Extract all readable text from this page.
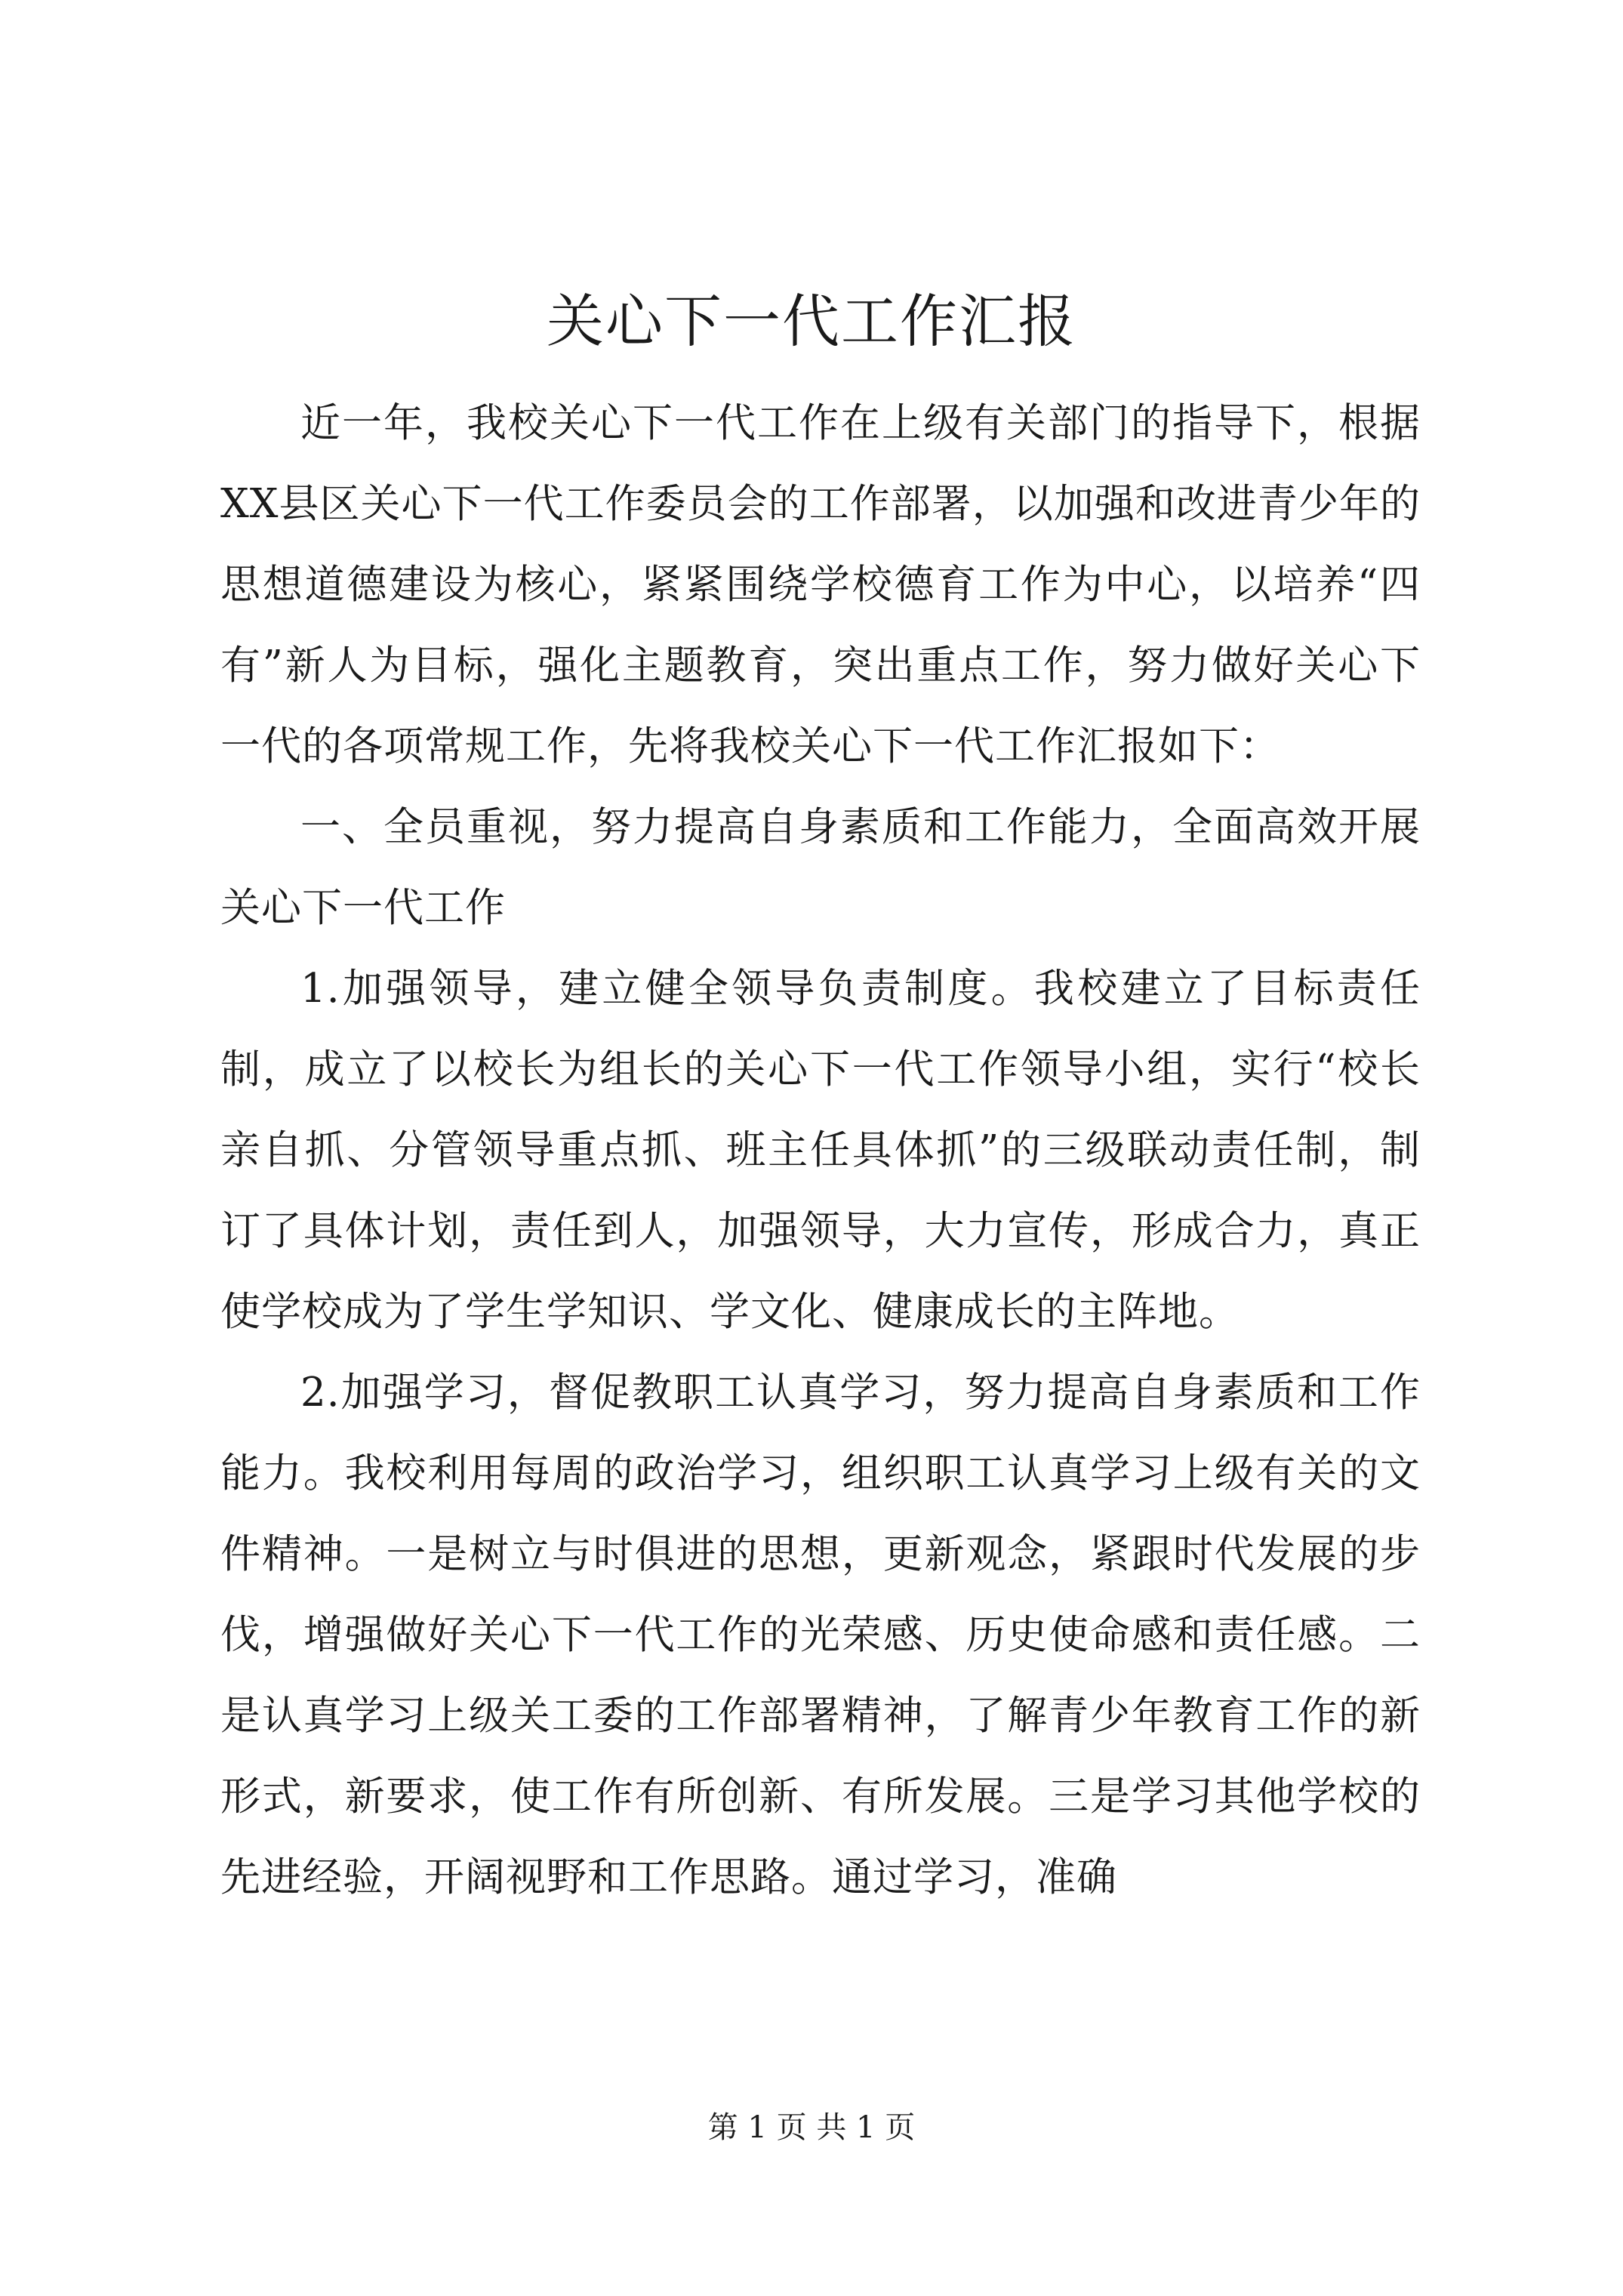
关心下一代工作汇报

近一年，我校关心下一代工作在上级有关部门的指导下，根据XX县区关心下一代工作委员会的工作部署，以加强和改进青少年的思想道德建设为核心，紧紧围绕学校德育工作为中心，以培养“四有”新人为目标，强化主题教育，突出重点工作，努力做好关心下一代的各项常规工作，先将我校关心下一代工作汇报如下：

一、全员重视，努力提高自身素质和工作能力，全面高效开展关心下一代工作

1.加强领导，建立健全领导负责制度。我校建立了目标责任制，成立了以校长为组长的关心下一代工作领导小组，实行“校长亲自抓、分管领导重点抓、班主任具体抓”的三级联动责任制，制订了具体计划，责任到人，加强领导，大力宣传，形成合力，真正使学校成为了学生学知识、学文化、健康成长的主阵地。

2.加强学习，督促教职工认真学习，努力提高自身素质和工作能力。我校利用每周的政治学习，组织职工认真学习上级有关的文件精神。一是树立与时俱进的思想，更新观念，紧跟时代发展的步伐，增强做好关心下一代工作的光荣感、历史使命感和责任感。二是认真学习上级关工委的工作部署精神，了解青少年教育工作的新形式，新要求，使工作有所创新、有所发展。三是学习其他学校的先进经验，开阔视野和工作思路。通过学习，准确

第 1 页 共 1 页
